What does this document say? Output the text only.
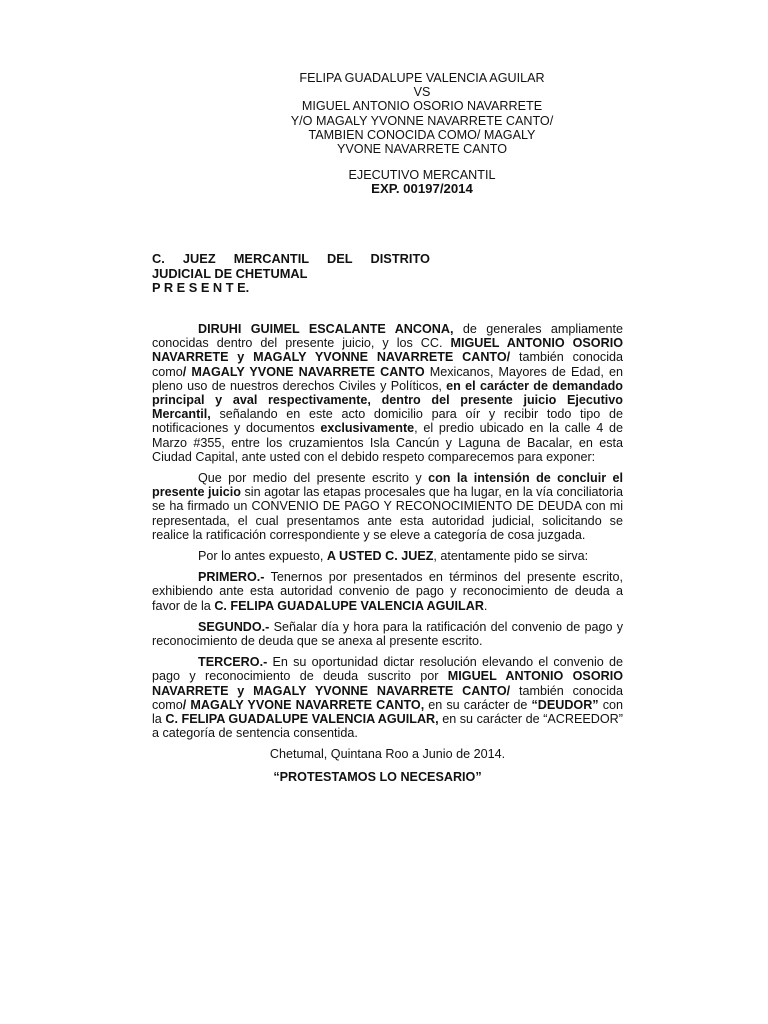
FELIPA GUADALUPE VALENCIA AGUILAR
VS
MIGUEL ANTONIO OSORIO NAVARRETE
Y/O MAGALY YVONNE NAVARRETE CANTO/
TAMBIEN CONOCIDA COMO/ MAGALY
YVONE NAVARRETE CANTO
EJECUTIVO MERCANTIL
EXP. 00197/2014
C. JUEZ MERCANTIL DEL DISTRITO
JUDICIAL DE CHETUMAL
P R E S E N T E.

DIRUHI GUIMEL ESCALANTE ANCONA, de generales ampliamente conocidas dentro del presente juicio, y los CC. MIGUEL ANTONIO OSORIO NAVARRETE y MAGALY YVONNE NAVARRETE CANTO/ también conocida como/ MAGALY YVONE NAVARRETE CANTO Mexicanos, Mayores de Edad, en pleno uso de nuestros derechos Civiles y Políticos, en el carácter de demandado principal y aval respectivamente, dentro del presente juicio Ejecutivo Mercantil, señalando en este acto domicilio para oír y recibir todo tipo de notificaciones y documentos exclusivamente, el predio ubicado en la calle 4 de Marzo #355, entre los cruzamientos Isla Cancún y Laguna de Bacalar, en esta Ciudad Capital, ante usted con el debido respeto comparecemos para exponer:

Que por medio del presente escrito y con la intensión de concluir el presente juicio sin agotar las etapas procesales que ha lugar, en la vía conciliatoria se ha firmado un CONVENIO DE PAGO Y RECONOCIMIENTO DE DEUDA con mi representada, el cual presentamos ante esta autoridad judicial, solicitando se realice la ratificación correspondiente y se eleve a categoría de cosa juzgada.

Por lo antes expuesto, A USTED C. JUEZ, atentamente pido se sirva:

PRIMERO.- Tenernos por presentados en términos del presente escrito, exhibiendo ante esta autoridad convenio de pago y reconocimiento de deuda a favor de la C. FELIPA GUADALUPE VALENCIA AGUILAR.

SEGUNDO.- Señalar día y hora para la ratificación del convenio de pago y reconocimiento de deuda que se anexa al presente escrito.

TERCERO.- En su oportunidad dictar resolución elevando el convenio de pago y reconocimiento de deuda suscrito por MIGUEL ANTONIO OSORIO NAVARRETE y MAGALY YVONNE NAVARRETE CANTO/ también conocida como/ MAGALY YVONE NAVARRETE CANTO, en su carácter de “DEUDOR” con la C. FELIPA GUADALUPE VALENCIA AGUILAR, en su carácter de “ACREEDOR” a categoría de sentencia consentida.

Chetumal, Quintana Roo a Junio de 2014.
“PROTESTAMOS LO NECESARIO”
